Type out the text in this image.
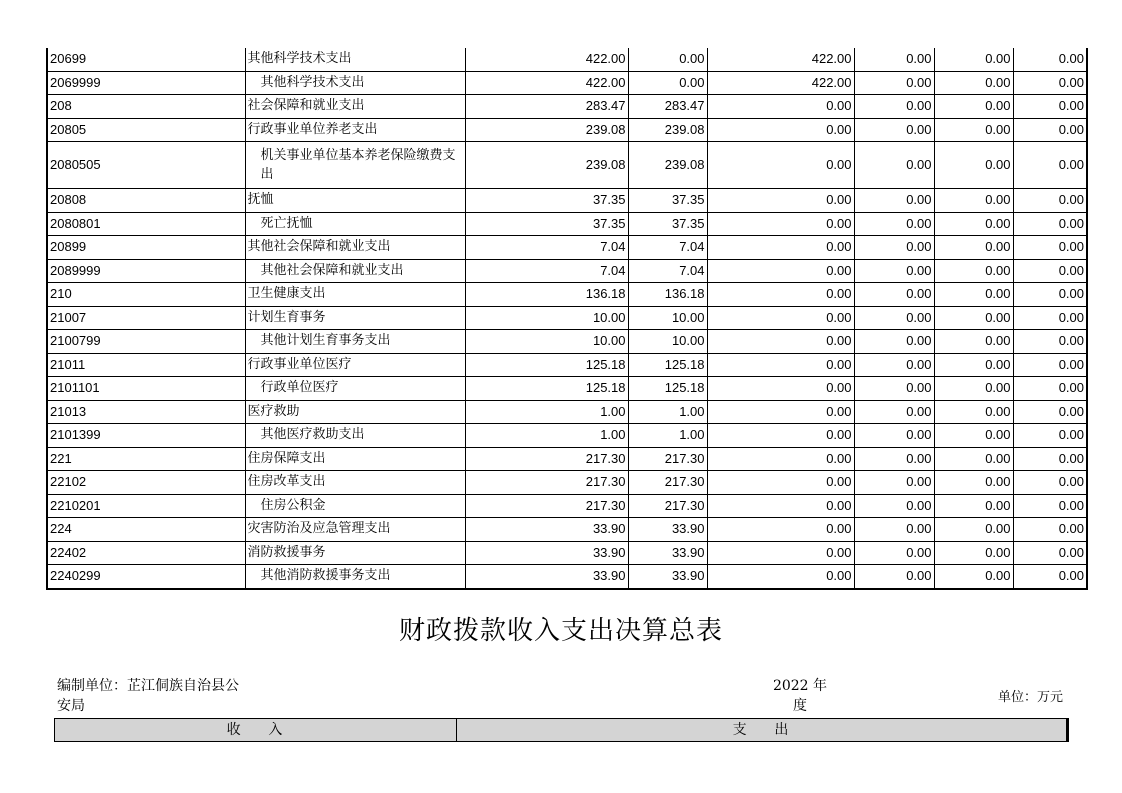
20699	其他科学技术支出	422.00	0.00	422.00	0.00	0.00	0.00
2069999	其他科学技术支出	422.00	0.00	422.00	0.00	0.00	0.00
208	社会保障和就业支出	283.47	283.47	0.00	0.00	0.00	0.00
20805	行政事业单位养老支出	239.08	239.08	0.00	0.00	0.00	0.00
2080505	机关事业单位基本养老保险缴费支出	239.08	239.08	0.00	0.00	0.00	0.00
20808	抚恤	37.35	37.35	0.00	0.00	0.00	0.00
2080801	死亡抚恤	37.35	37.35	0.00	0.00	0.00	0.00
20899	其他社会保障和就业支出	7.04	7.04	0.00	0.00	0.00	0.00
2089999	其他社会保障和就业支出	7.04	7.04	0.00	0.00	0.00	0.00
210	卫生健康支出	136.18	136.18	0.00	0.00	0.00	0.00
21007	计划生育事务	10.00	10.00	0.00	0.00	0.00	0.00
2100799	其他计划生育事务支出	10.00	10.00	0.00	0.00	0.00	0.00
21011	行政事业单位医疗	125.18	125.18	0.00	0.00	0.00	0.00
2101101	行政单位医疗	125.18	125.18	0.00	0.00	0.00	0.00
21013	医疗救助	1.00	1.00	0.00	0.00	0.00	0.00
2101399	其他医疗救助支出	1.00	1.00	0.00	0.00	0.00	0.00
221	住房保障支出	217.30	217.30	0.00	0.00	0.00	0.00
22102	住房改革支出	217.30	217.30	0.00	0.00	0.00	0.00
2210201	住房公积金	217.30	217.30	0.00	0.00	0.00	0.00
224	灾害防治及应急管理支出	33.90	33.90	0.00	0.00	0.00	0.00
22402	消防救援事务	33.90	33.90	0.00	0.00	0.00	0.00
2240299	其他消防救援事务支出	33.90	33.90	0.00	0.00	0.00	0.00
财政拨款收入支出决算总表
编制单位：芷江侗族自治县公安局
2022 年度
单位：万元
收    入	支    出
